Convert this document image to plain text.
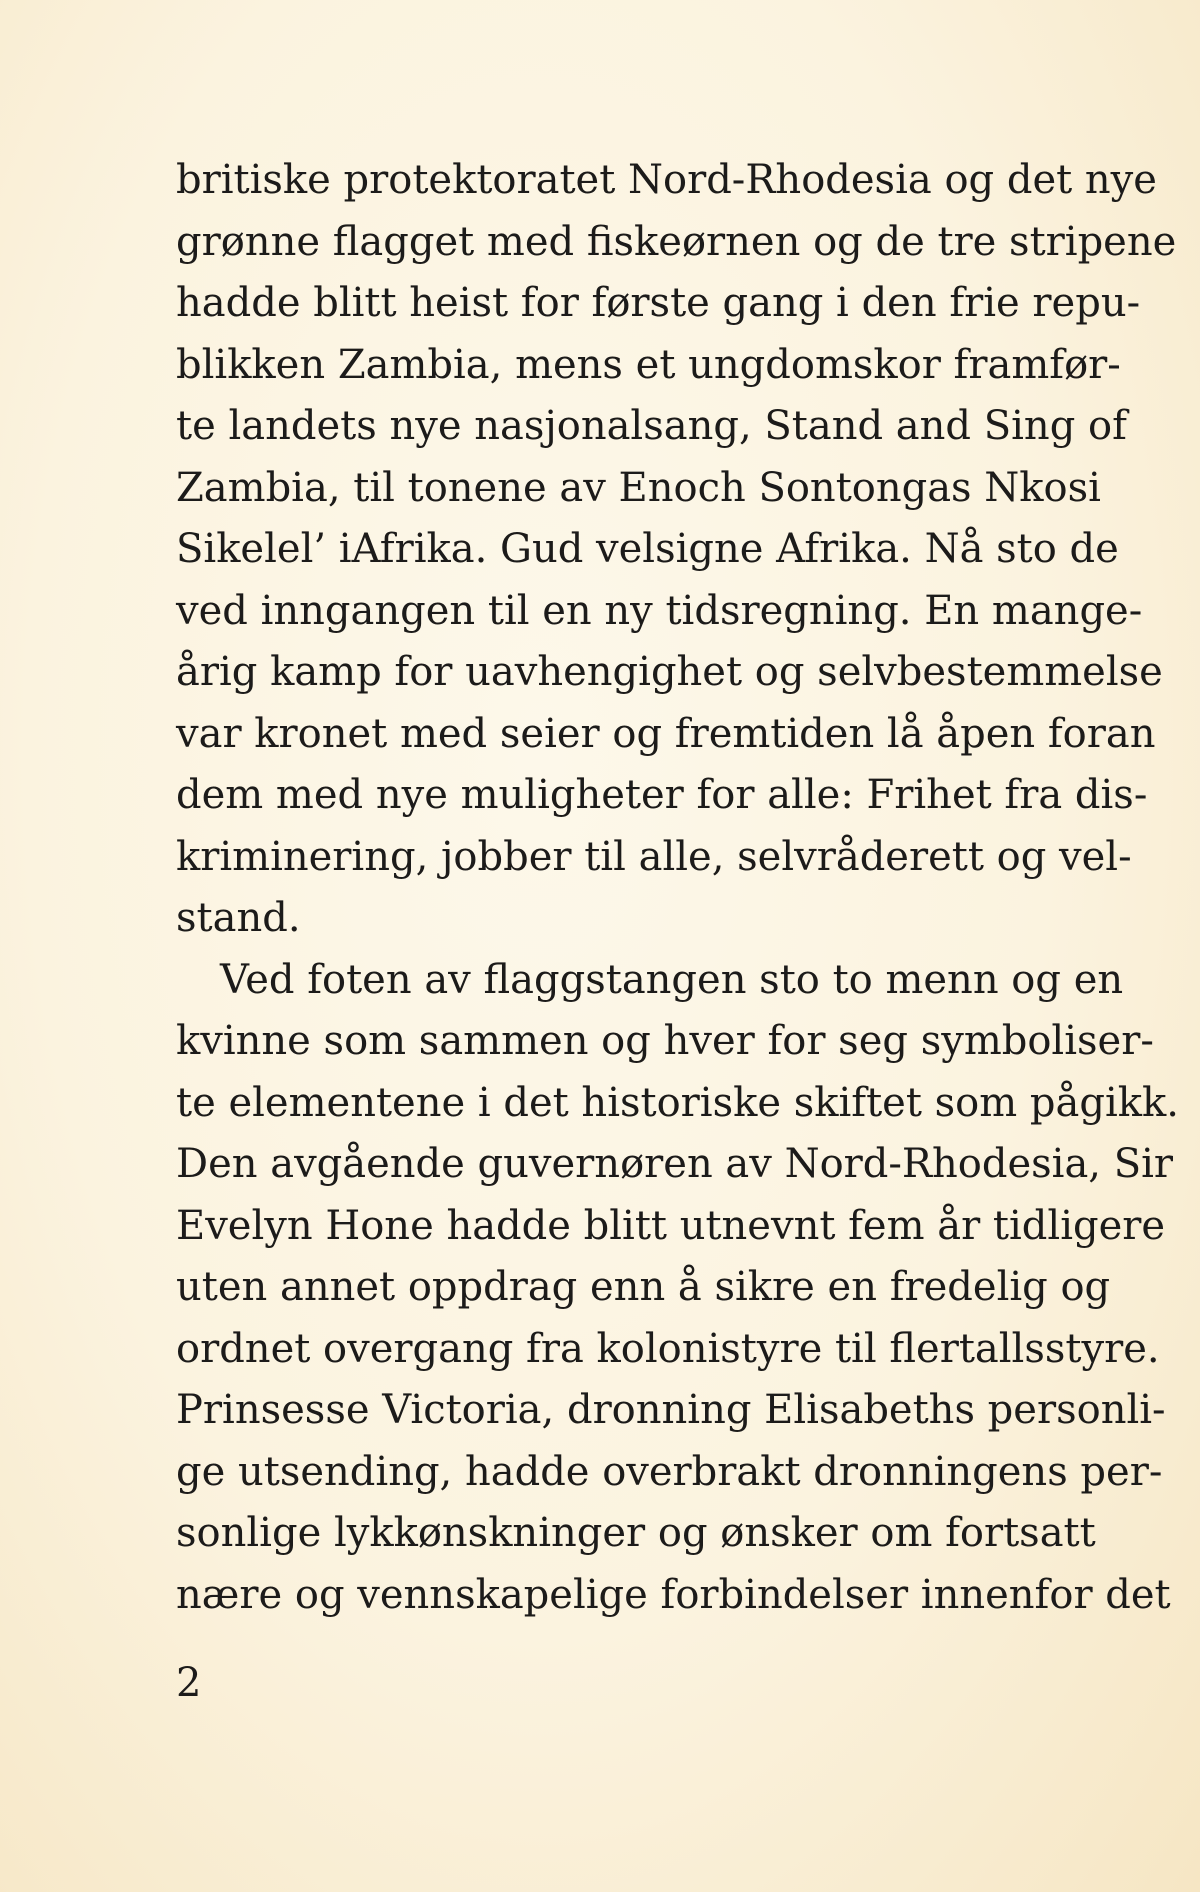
britiske protektoratet Nord-Rhodesia og det nye
grønne flagget med fiskeørnen og de tre stripene
hadde blitt heist for første gang i den frie repu-
blikken Zambia, mens et ungdomskor framfør-
te landets nye nasjonalsang, Stand and Sing of
Zambia, til tonene av Enoch Sontongas Nkosi
Sikelel’ iAfrika. Gud velsigne Afrika. Nå sto de
ved inngangen til en ny tidsregning. En mange-
årig kamp for uavhengighet og selvbestemmelse
var kronet med seier og fremtiden lå åpen foran
dem med nye muligheter for alle: Frihet fra dis-
kriminering, jobber til alle, selvråderett og vel-
stand.
Ved foten av flaggstangen sto to menn og en
kvinne som sammen og hver for seg symboliser-
te elementene i det historiske skiftet som pågikk.
Den avgående guvernøren av Nord-Rhodesia, Sir
Evelyn Hone hadde blitt utnevnt fem år tidligere
uten annet oppdrag enn å sikre en fredelig og
ordnet overgang fra kolonistyre til flertallsstyre.
Prinsesse Victoria, dronning Elisabeths personli-
ge utsending, hadde overbrakt dronningens per-
sonlige lykkønskninger og ønsker om fortsatt
nære og vennskapelige forbindelser innenfor det
2
